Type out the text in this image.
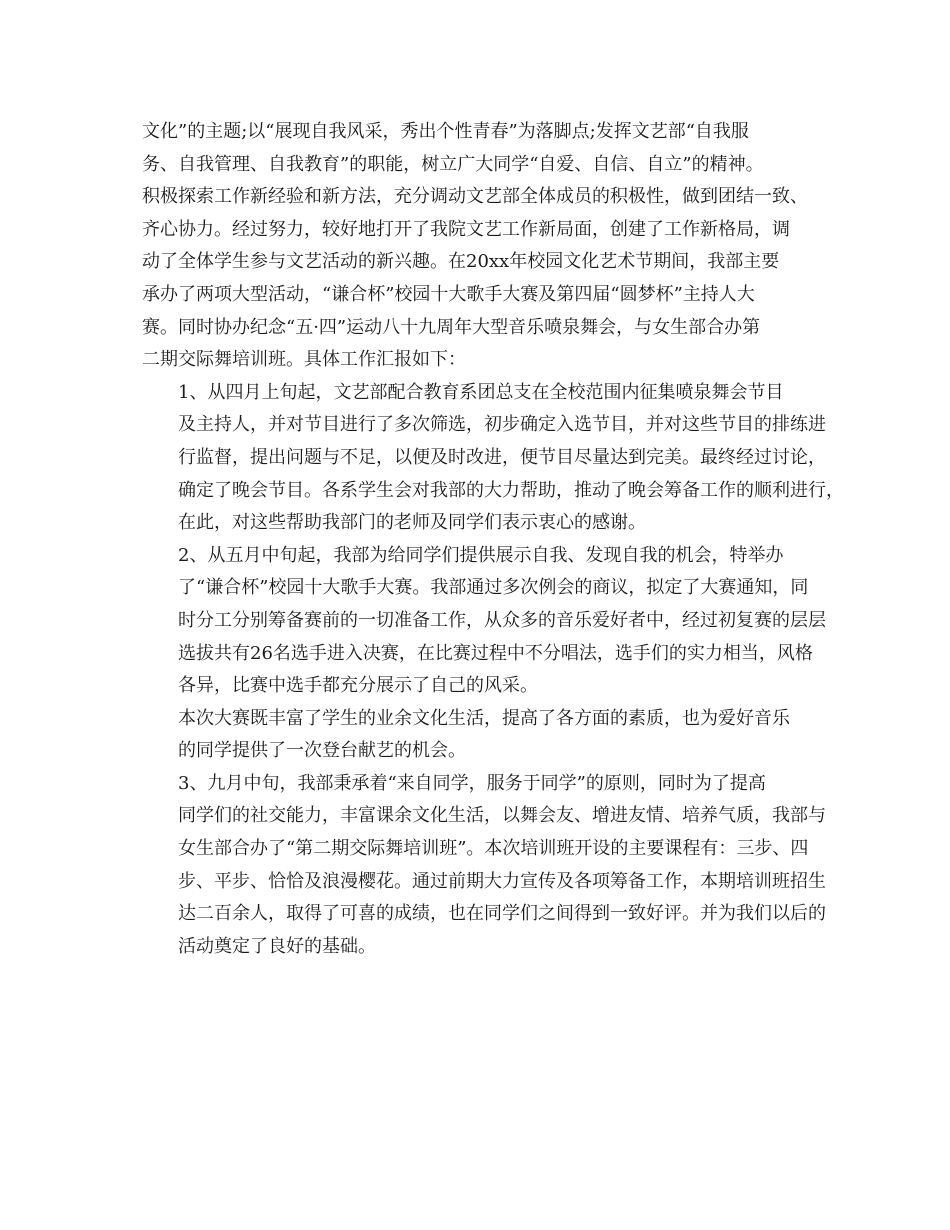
文化”的主题;以“展现自我风采，秀出个性青春”为落脚点;发挥文艺部“自我服
务、自我管理、自我教育”的职能，树立广大同学“自爱、自信、自立”的精神。
积极探索工作新经验和新方法，充分调动文艺部全体成员的积极性，做到团结一致、
齐心协力。经过努力，较好地打开了我院文艺工作新局面，创建了工作新格局，调
动了全体学生参与文艺活动的新兴趣。在20xx年校园文化艺术节期间，我部主要
承办了两项大型活动，“谦合杯”校园十大歌手大赛及第四届“圆梦杯”主持人大
赛。同时协办纪念“五·四”运动八十九周年大型音乐喷泉舞会，与女生部合办第
二期交际舞培训班。具体工作汇报如下：

1、从四月上旬起，文艺部配合教育系团总支在全校范围内征集喷泉舞会节目
及主持人，并对节目进行了多次筛选，初步确定入选节目，并对这些节目的排练进
行监督，提出问题与不足，以便及时改进，便节目尽量达到完美。最终经过讨论，
确定了晚会节目。各系学生会对我部的大力帮助，推动了晚会筹备工作的顺利进行，
在此，对这些帮助我部门的老师及同学们表示衷心的感谢。

2、从五月中旬起，我部为给同学们提供展示自我、发现自我的机会，特举办
了“谦合杯”校园十大歌手大赛。我部通过多次例会的商议，拟定了大赛通知，同
时分工分别筹备赛前的一切准备工作，从众多的音乐爱好者中，经过初复赛的层层
选拔共有26名选手进入决赛，在比赛过程中不分唱法，选手们的实力相当，风格
各异，比赛中选手都充分展示了自己的风采。

本次大赛既丰富了学生的业余文化生活，提高了各方面的素质，也为爱好音乐
的同学提供了一次登台献艺的机会。

3、九月中旬，我部秉承着“来自同学，服务于同学”的原则，同时为了提高
同学们的社交能力，丰富课余文化生活，以舞会友、增进友情、培养气质，我部与
女生部合办了“第二期交际舞培训班”。本次培训班开设的主要课程有：三步、四
步、平步、恰恰及浪漫樱花。通过前期大力宣传及各项筹备工作，本期培训班招生
达二百余人，取得了可喜的成绩，也在同学们之间得到一致好评。并为我们以后的
活动奠定了良好的基础。
